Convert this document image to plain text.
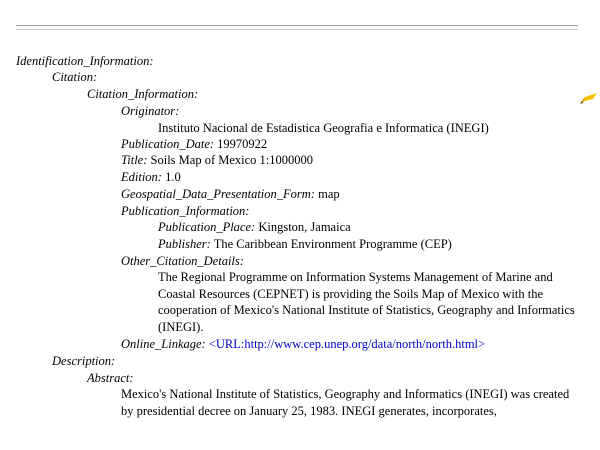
Identification_Information:
Citation:
Citation_Information:
Originator:
Instituto Nacional de Estadistica Geografia e Informatica (INEGI)
Publication_Date: 19970922
Title: Soils Map of Mexico 1:1000000
Edition: 1.0
Geospatial_Data_Presentation_Form: map
Publication_Information:
Publication_Place: Kingston, Jamaica
Publisher: The Caribbean Environment Programme (CEP)
Other_Citation_Details:
The Regional Programme on Information Systems Management of Marine and Coastal Resources (CEPNET) is providing the Soils Map of Mexico with the cooperation of Mexico's National Institute of Statistics, Geography and Informatics (INEGI).
Online_Linkage: <URL:http://www.cep.unep.org/data/north/north.html>
Description:
Abstract:
Mexico's National Institute of Statistics, Geography and Informatics (INEGI) was created by presidential decree on January 25, 1983. INEGI generates, incorporates,
